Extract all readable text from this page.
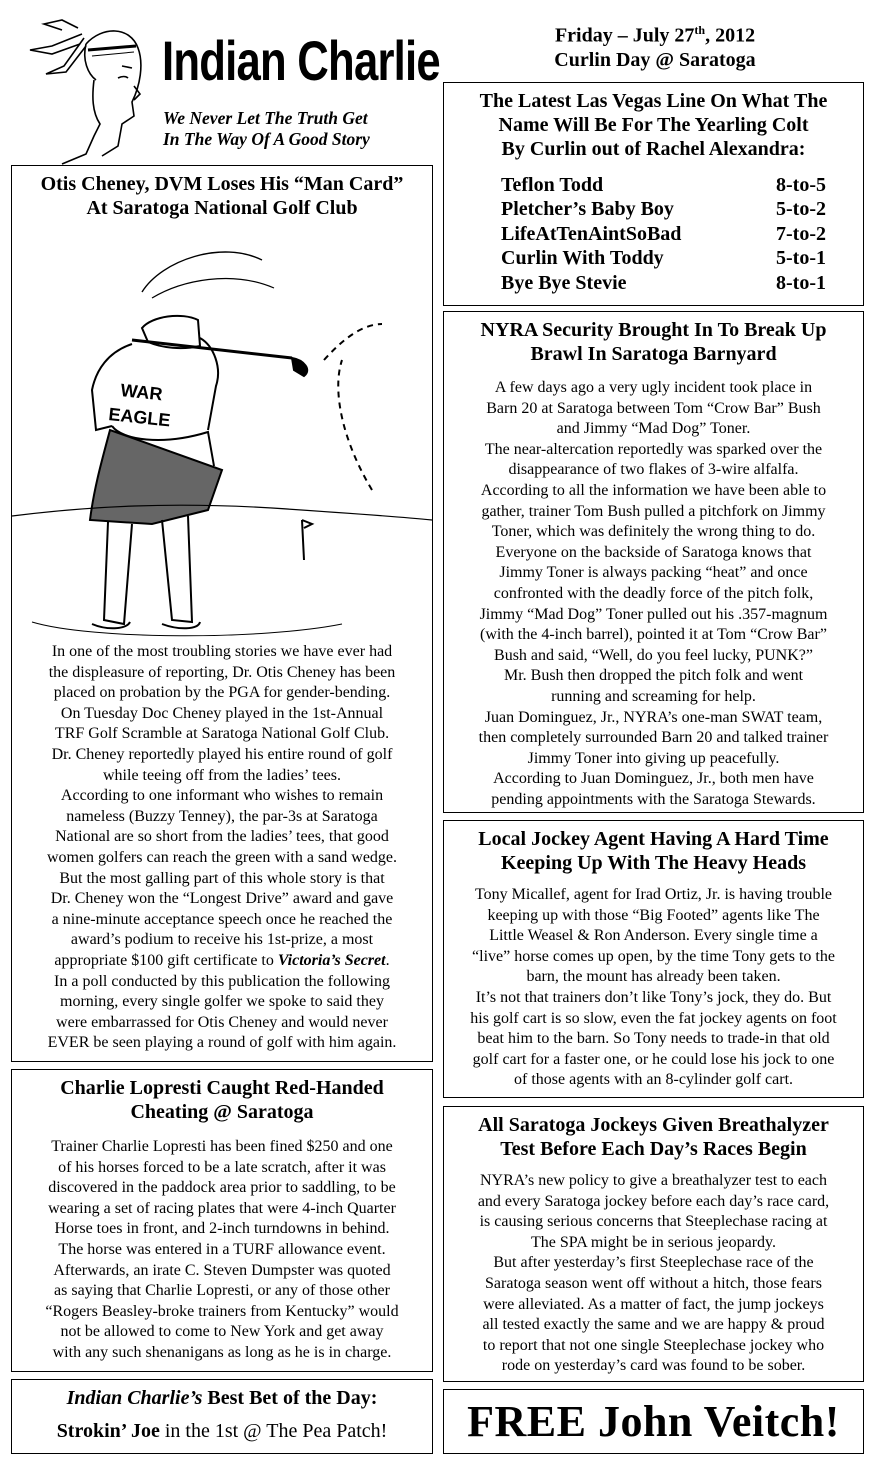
Indian Charlie
We Never Let The Truth Get
In The Way Of A Good Story
Friday – July 27th, 2012
Curlin Day @ Saratoga
The Latest Las Vegas Line On What The
Name Will Be For The Yearling Colt
By Curlin out of Rachel Alexandra:
Teflon Todd	8-to-5
Pletcher’s Baby Boy	5-to-2
LifeAtTenAintSoBad	7-to-2
Curlin With Toddy	5-to-1
Bye Bye Stevie	8-to-1
Otis Cheney, DVM Loses His “Man Card”
At Saratoga National Golf Club
WAR
EAGLE

In one of the most troubling stories we have ever had

the displeasure of reporting, Dr. Otis Cheney has been

placed on probation by the PGA for gender-bending.

On Tuesday Doc Cheney played in the 1st-Annual

TRF Golf Scramble at Saratoga National Golf Club.

Dr. Cheney reportedly played his entire round of golf

while teeing off from the ladies’ tees.

According to one informant who wishes to remain

nameless (Buzzy Tenney), the par-3s at Saratoga

National are so short from the ladies’ tees, that good

women golfers can reach the green with a sand wedge.

But the most galling part of this whole story is that

Dr. Cheney won the “Longest Drive” award and gave

a nine-minute acceptance speech once he reached the

award’s podium to receive his 1st-prize, a most

appropriate $100 gift certificate to Victoria’s Secret.

In a poll conducted by this publication the following

morning, every single golfer we spoke to said they

were embarrassed for Otis Cheney and would never

EVER be seen playing a round of golf with him again.

NYRA Security Brought In To Break Up
Brawl In Saratoga Barnyard

A few days ago a very ugly incident took place in

Barn 20 at Saratoga between Tom “Crow Bar” Bush

and Jimmy “Mad Dog” Toner.

The near-altercation reportedly was sparked over the

disappearance of two flakes of 3-wire alfalfa.

According to all the information we have been able to

gather, trainer Tom Bush pulled a pitchfork on Jimmy

Toner, which was definitely the wrong thing to do.

Everyone on the backside of Saratoga knows that

Jimmy Toner is always packing “heat” and once

confronted with the deadly force of the pitch folk,

Jimmy “Mad Dog” Toner pulled out his .357-magnum

(with the 4-inch barrel), pointed it at Tom “Crow Bar”

Bush and said, “Well, do you feel lucky, PUNK?”

Mr. Bush then dropped the pitch folk and went

running and screaming for help.

Juan Dominguez, Jr., NYRA’s one-man SWAT team,

then completely surrounded Barn 20 and talked trainer

Jimmy Toner into giving up peacefully.

According to Juan Dominguez, Jr., both men have

pending appointments with the Saratoga Stewards.

Local Jockey Agent Having A Hard Time
Keeping Up With The Heavy Heads

Tony Micallef, agent for Irad Ortiz, Jr. is having trouble

keeping up with those “Big Footed” agents like The

Little Weasel & Ron Anderson. Every single time a

“live” horse comes up open, by the time Tony gets to the

barn, the mount has already been taken.

It’s not that trainers don’t like Tony’s jock, they do. But

his golf cart is so slow, even the fat jockey agents on foot

beat him to the barn. So Tony needs to trade-in that old

golf cart for a faster one, or he could lose his jock to one

of those agents with an 8-cylinder golf cart.

Charlie Lopresti Caught Red-Handed
Cheating @ Saratoga

Trainer Charlie Lopresti has been fined $250 and one

of his horses forced to be a late scratch, after it was

discovered in the paddock area prior to saddling, to be

wearing a set of racing plates that were 4-inch Quarter

Horse toes in front, and 2-inch turndowns in behind.

The horse was entered in a TURF allowance event.

Afterwards, an irate C. Steven Dumpster was quoted

as saying that Charlie Lopresti, or any of those other

“Rogers Beasley-broke trainers from Kentucky” would

not be allowed to come to New York and get away

with any such shenanigans as long as he is in charge.

All Saratoga Jockeys Given Breathalyzer
Test Before Each Day’s Races Begin

NYRA’s new policy to give a breathalyzer test to each

and every Saratoga jockey before each day’s race card,

is causing serious concerns that Steeplechase racing at

The SPA might be in serious jeopardy.

But after yesterday’s first Steeplechase race of the

Saratoga season went off without a hitch, those fears

were alleviated. As a matter of fact, the jump jockeys

all tested exactly the same and we are happy & proud

to report that not one single Steeplechase jockey who

rode on yesterday’s card was found to be sober.

Indian Charlie’s Best Bet of the Day:
Strokin’ Joe in the 1st @ The Pea Patch!	FREE John Veitch!
